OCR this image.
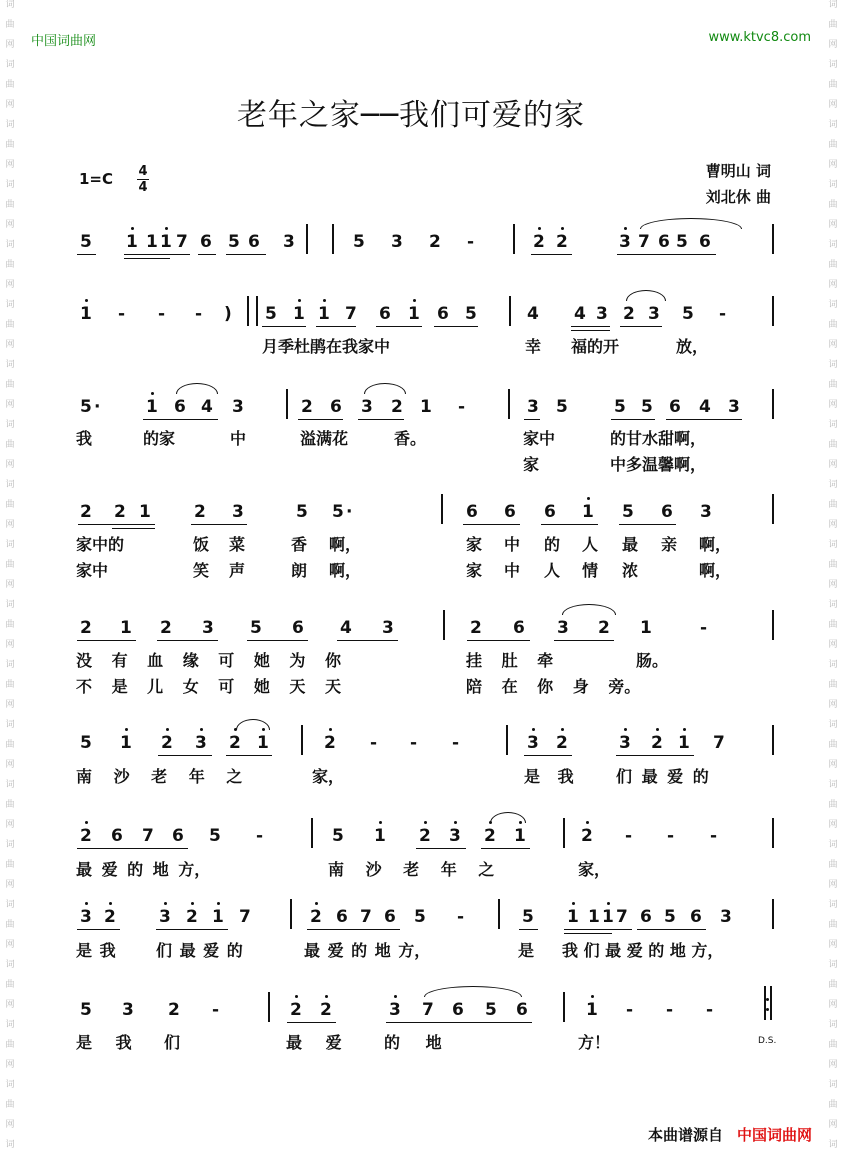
词
曲
网
词
曲
网
词
曲
网
词
曲
网
词
曲
网
词
曲
网
词
曲
网
词
曲
网
词
曲
网
词
曲
网
词
曲
网
词
曲
网
词
曲
网
词
曲
网
词
曲
网
词
曲
网
词
曲
网
词
曲
网
词
曲
网
词
词
曲
网
词
曲
网
词
曲
网
词
曲
网
词
曲
网
词
曲
网
词
曲
网
词
曲
网
词
曲
网
词
曲
网
词
曲
网
词
曲
网
词
曲
网
词
曲
网
词
曲
网
词
曲
网
词
曲
网
词
曲
网
词
曲
网
词
中国词曲网	www.ktvc8.com
老年之家──我们可爱的家
1=C 4
4
曹明山 词
刘北休 曲
5 1 1 1 7 6 5 6 3	5 3 2 -	2 2	3 7 6 5 6
1 - - - ) 5 1 1 7 6 1 6 5	4 4 3 2 3 5 -
5 ·	1 6 4 3	2 6 3 2 1 -	3 5	5 5 6 4 3
2 2 1	2 3	5 5 ·	6 6 6 1 5 6 3
2 1 2 3 5 6 4 3	2 6 3 2 1	-
5 1 2 3 2 1	2 - - -	3 2	3 2 1 7
2 6 7 6 5 -	5 1 2 3 2 1	2 - - -
3 2	3 2 1 7	2 6 7 6 5 -	5 1 1 1 7 6 5 6 3
5 3 2 -	2 2	3 7 6 5 6	1 - - -
月季杜鹃在我家中	幸 福的开	放，
我	的家	中	溢满花	香。	家中	的甘水甜啊，
家	中多温馨啊，
家中的	饭 菜	香 啊，	家 中 的 人 最 亲 啊，
家中	笑 声	朗 啊，	家 中 人 情 浓	啊，
没 有 血 缘 可 她 为 你	挂 肚 牵	肠。
不 是 儿 女 可 她 天 天	陪 在 你 身 旁。
南 沙 老 年 之	家，	是 我	们 最 爱 的
最 爱 的 地 方，	南 沙 老 年 之	家，
是 我	们 最 爱 的	最 爱 的 地 方，	是 我 们 最 爱 的 地 方，
是 我 们	最 爱	的 地	方！	D.S.
本曲谱源自 中国词曲网
